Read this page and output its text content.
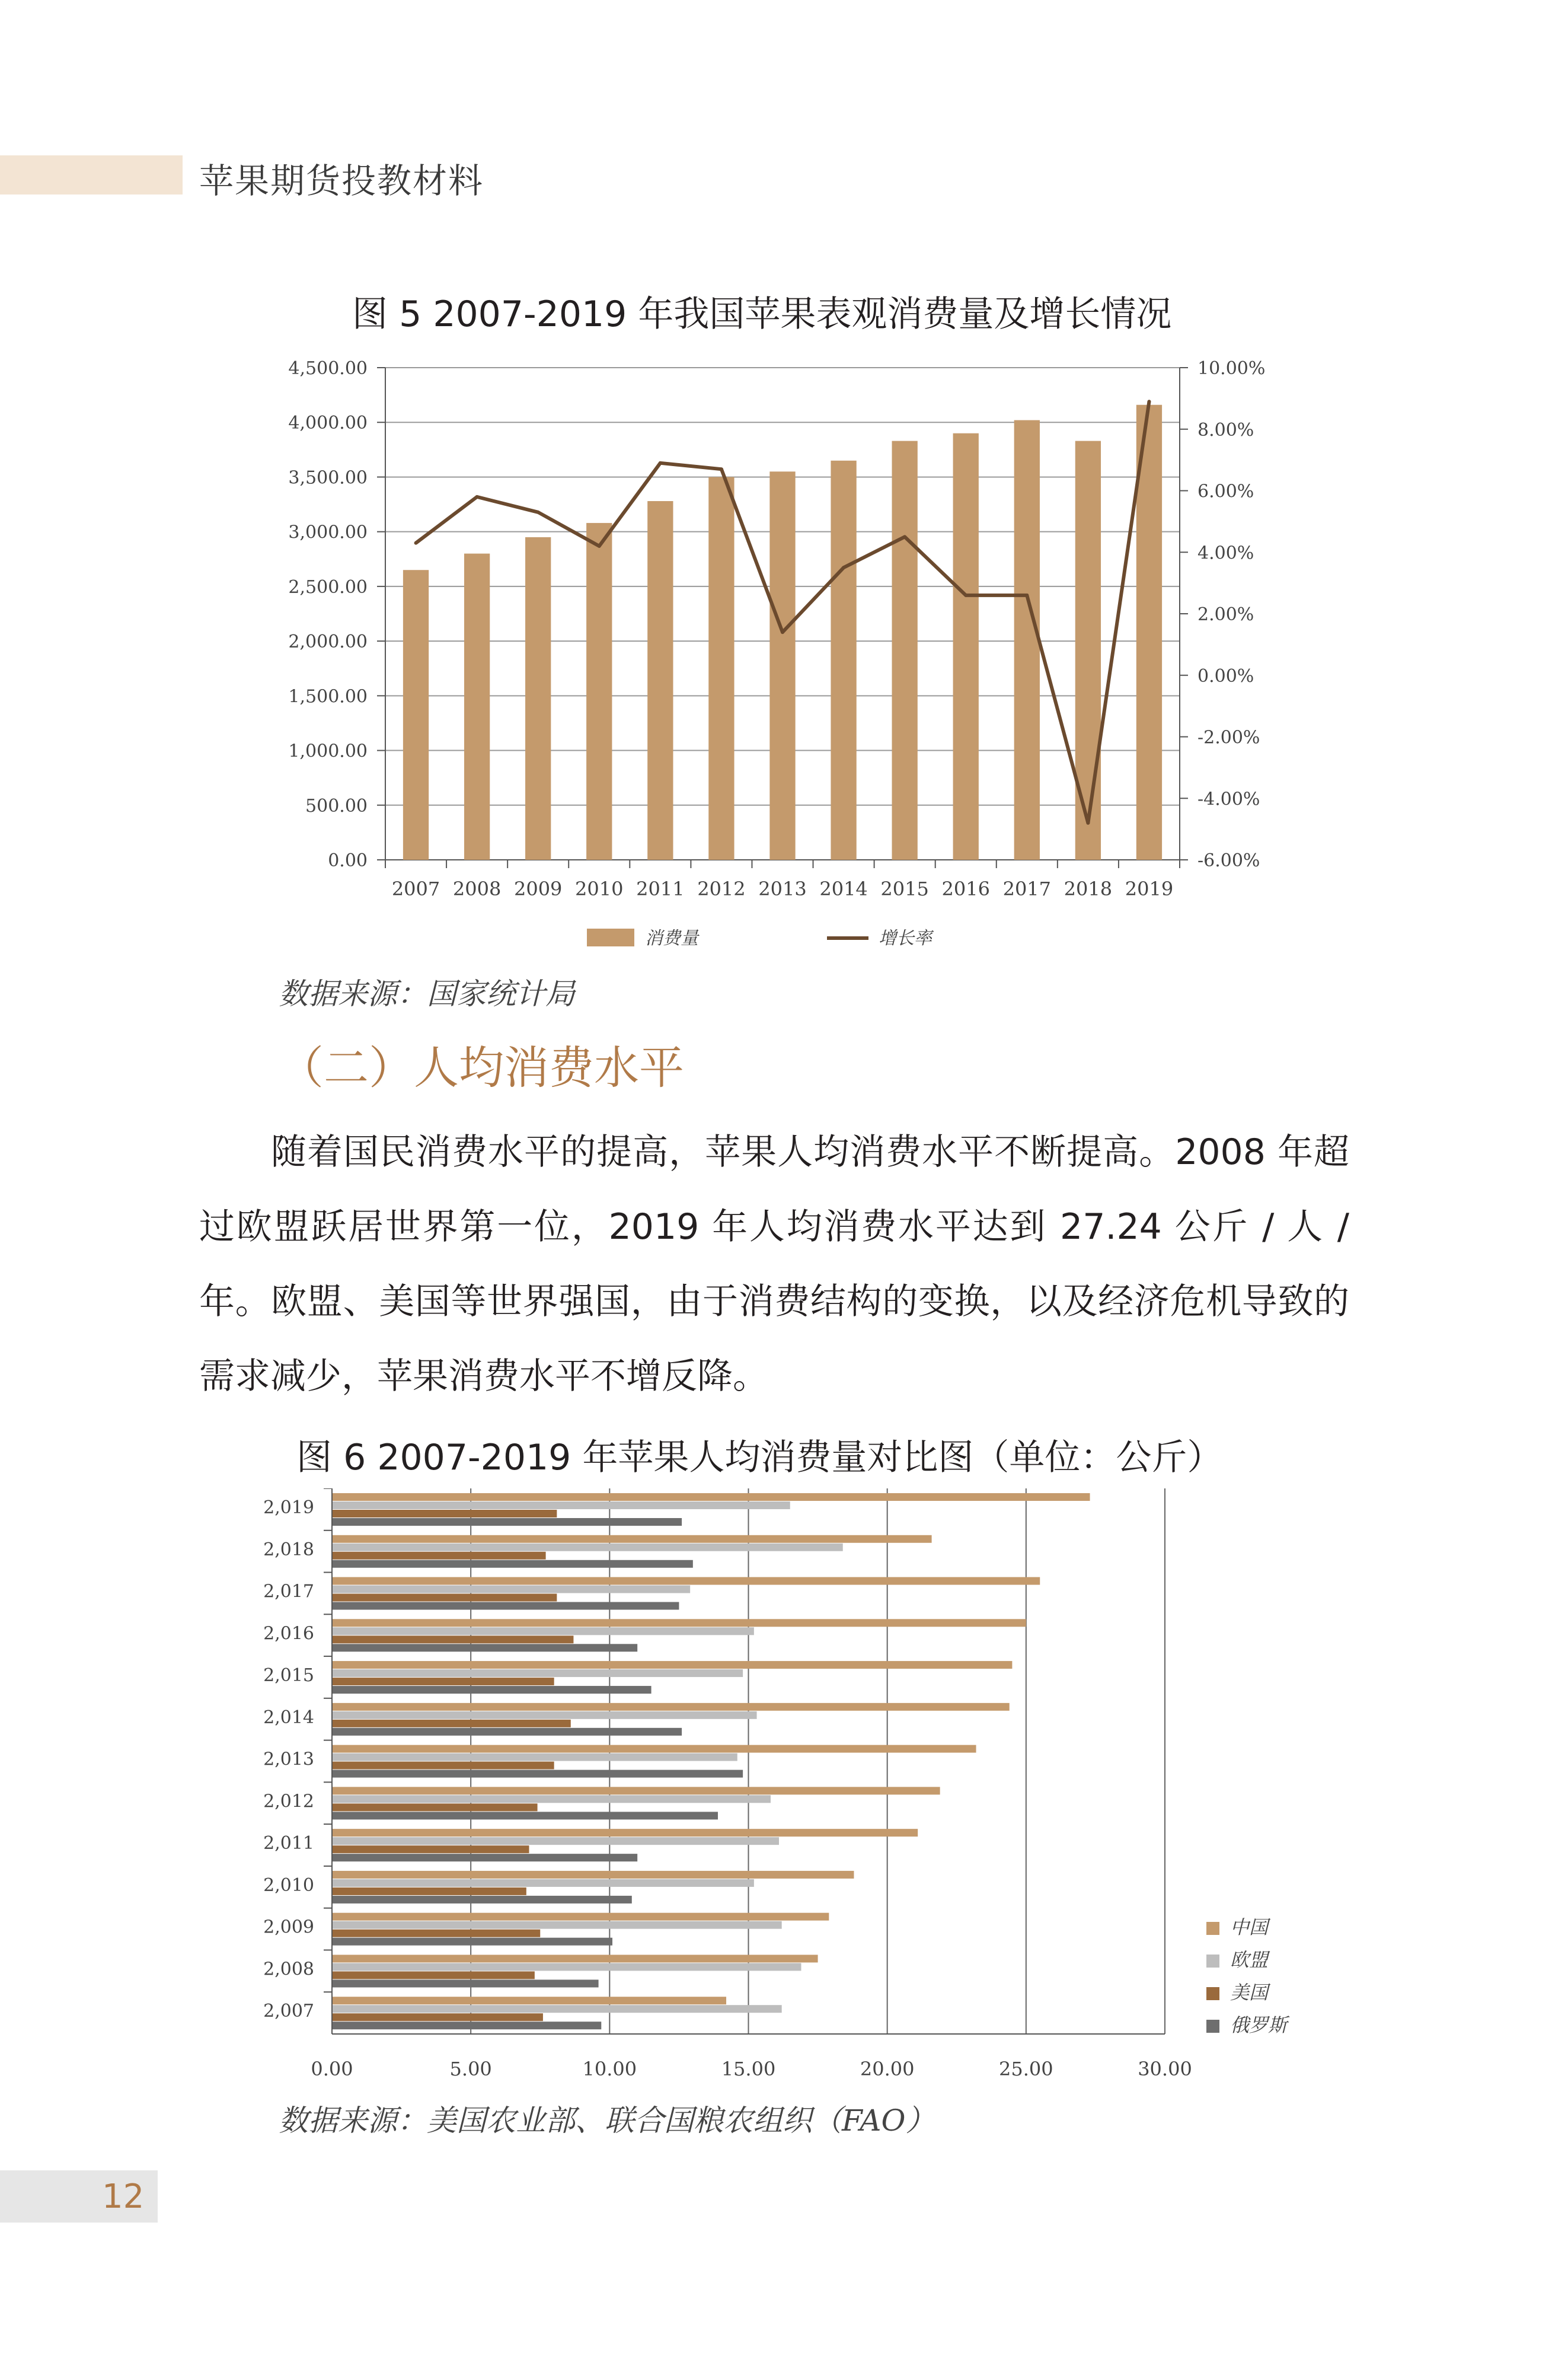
苹果期货投教材料
图 5 2007-2019 年我国苹果表观消费量及增长情况
0.00
500.00
1,000.00
1,500.00
2,000.00
2,500.00
3,000.00
3,500.00
4,000.00
4,500.00
-6.00%
-4.00%
-2.00%
0.00%
2.00%
4.00%
6.00%
8.00%
10.00%
2007 2008 2009 2010 2011 2012 2013 2014 2015 2016 2017 2018 2019
消费量	增长率
数据来源：国家统计局
（二）人均消费水平
随着国民消费水平的提高，苹果人均消费水平不断提高。2008 年超过欧盟跃居世界第一位，2019 年人均消费水平达到 27.24 公斤 / 人 / 年。欧盟、美国等世界强国，由于消费结构的变换，以及经济危机导致的需求减少，苹果消费水平不增反降。
图 6 2007-2019 年苹果人均消费量对比图（单位：公斤）
0.00	5.00	10.00	15.00	20.00	25.00	30.00
2,019
2,018
2,017
2,016
2,015
2,014
2,013
2,012
2,011
2,010
2,009
2,008
2,007
中国
欧盟
美国
俄罗斯
数据来源：美国农业部、联合国粮农组织（FAO）
12
